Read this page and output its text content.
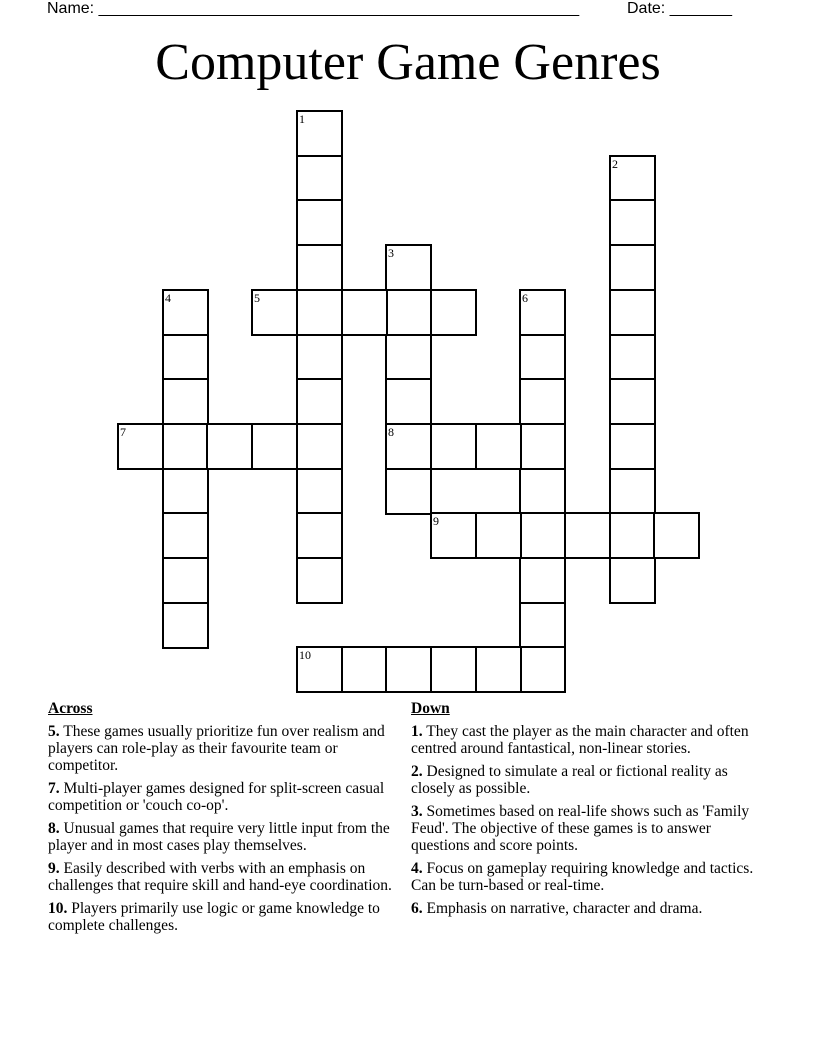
Name: ______________________________________________________	Date: _______
Computer Game Genres
1
2
3
8
4	5	6
7
9
10
Across
5. These games usually prioritize fun over realism and players can role-play as their favourite team or competitor.
7. Multi-player games designed for split-screen casual competition or 'couch co-op'.
8. Unusual games that require very little input from the player and in most cases play themselves.
9. Easily described with verbs with an emphasis on challenges that require skill and hand-eye coordination.
10. Players primarily use logic or game knowledge to complete challenges.
Down
1. They cast the player as the main character and often centred around fantastical, non-linear stories.
2. Designed to simulate a real or fictional reality as closely as possible.
3. Sometimes based on real-life shows such as 'Family Feud'. The objective of these games is to answer questions and score points.
4. Focus on gameplay requiring knowledge and tactics. Can be turn-based or real-time.
6. Emphasis on narrative, character and drama.
